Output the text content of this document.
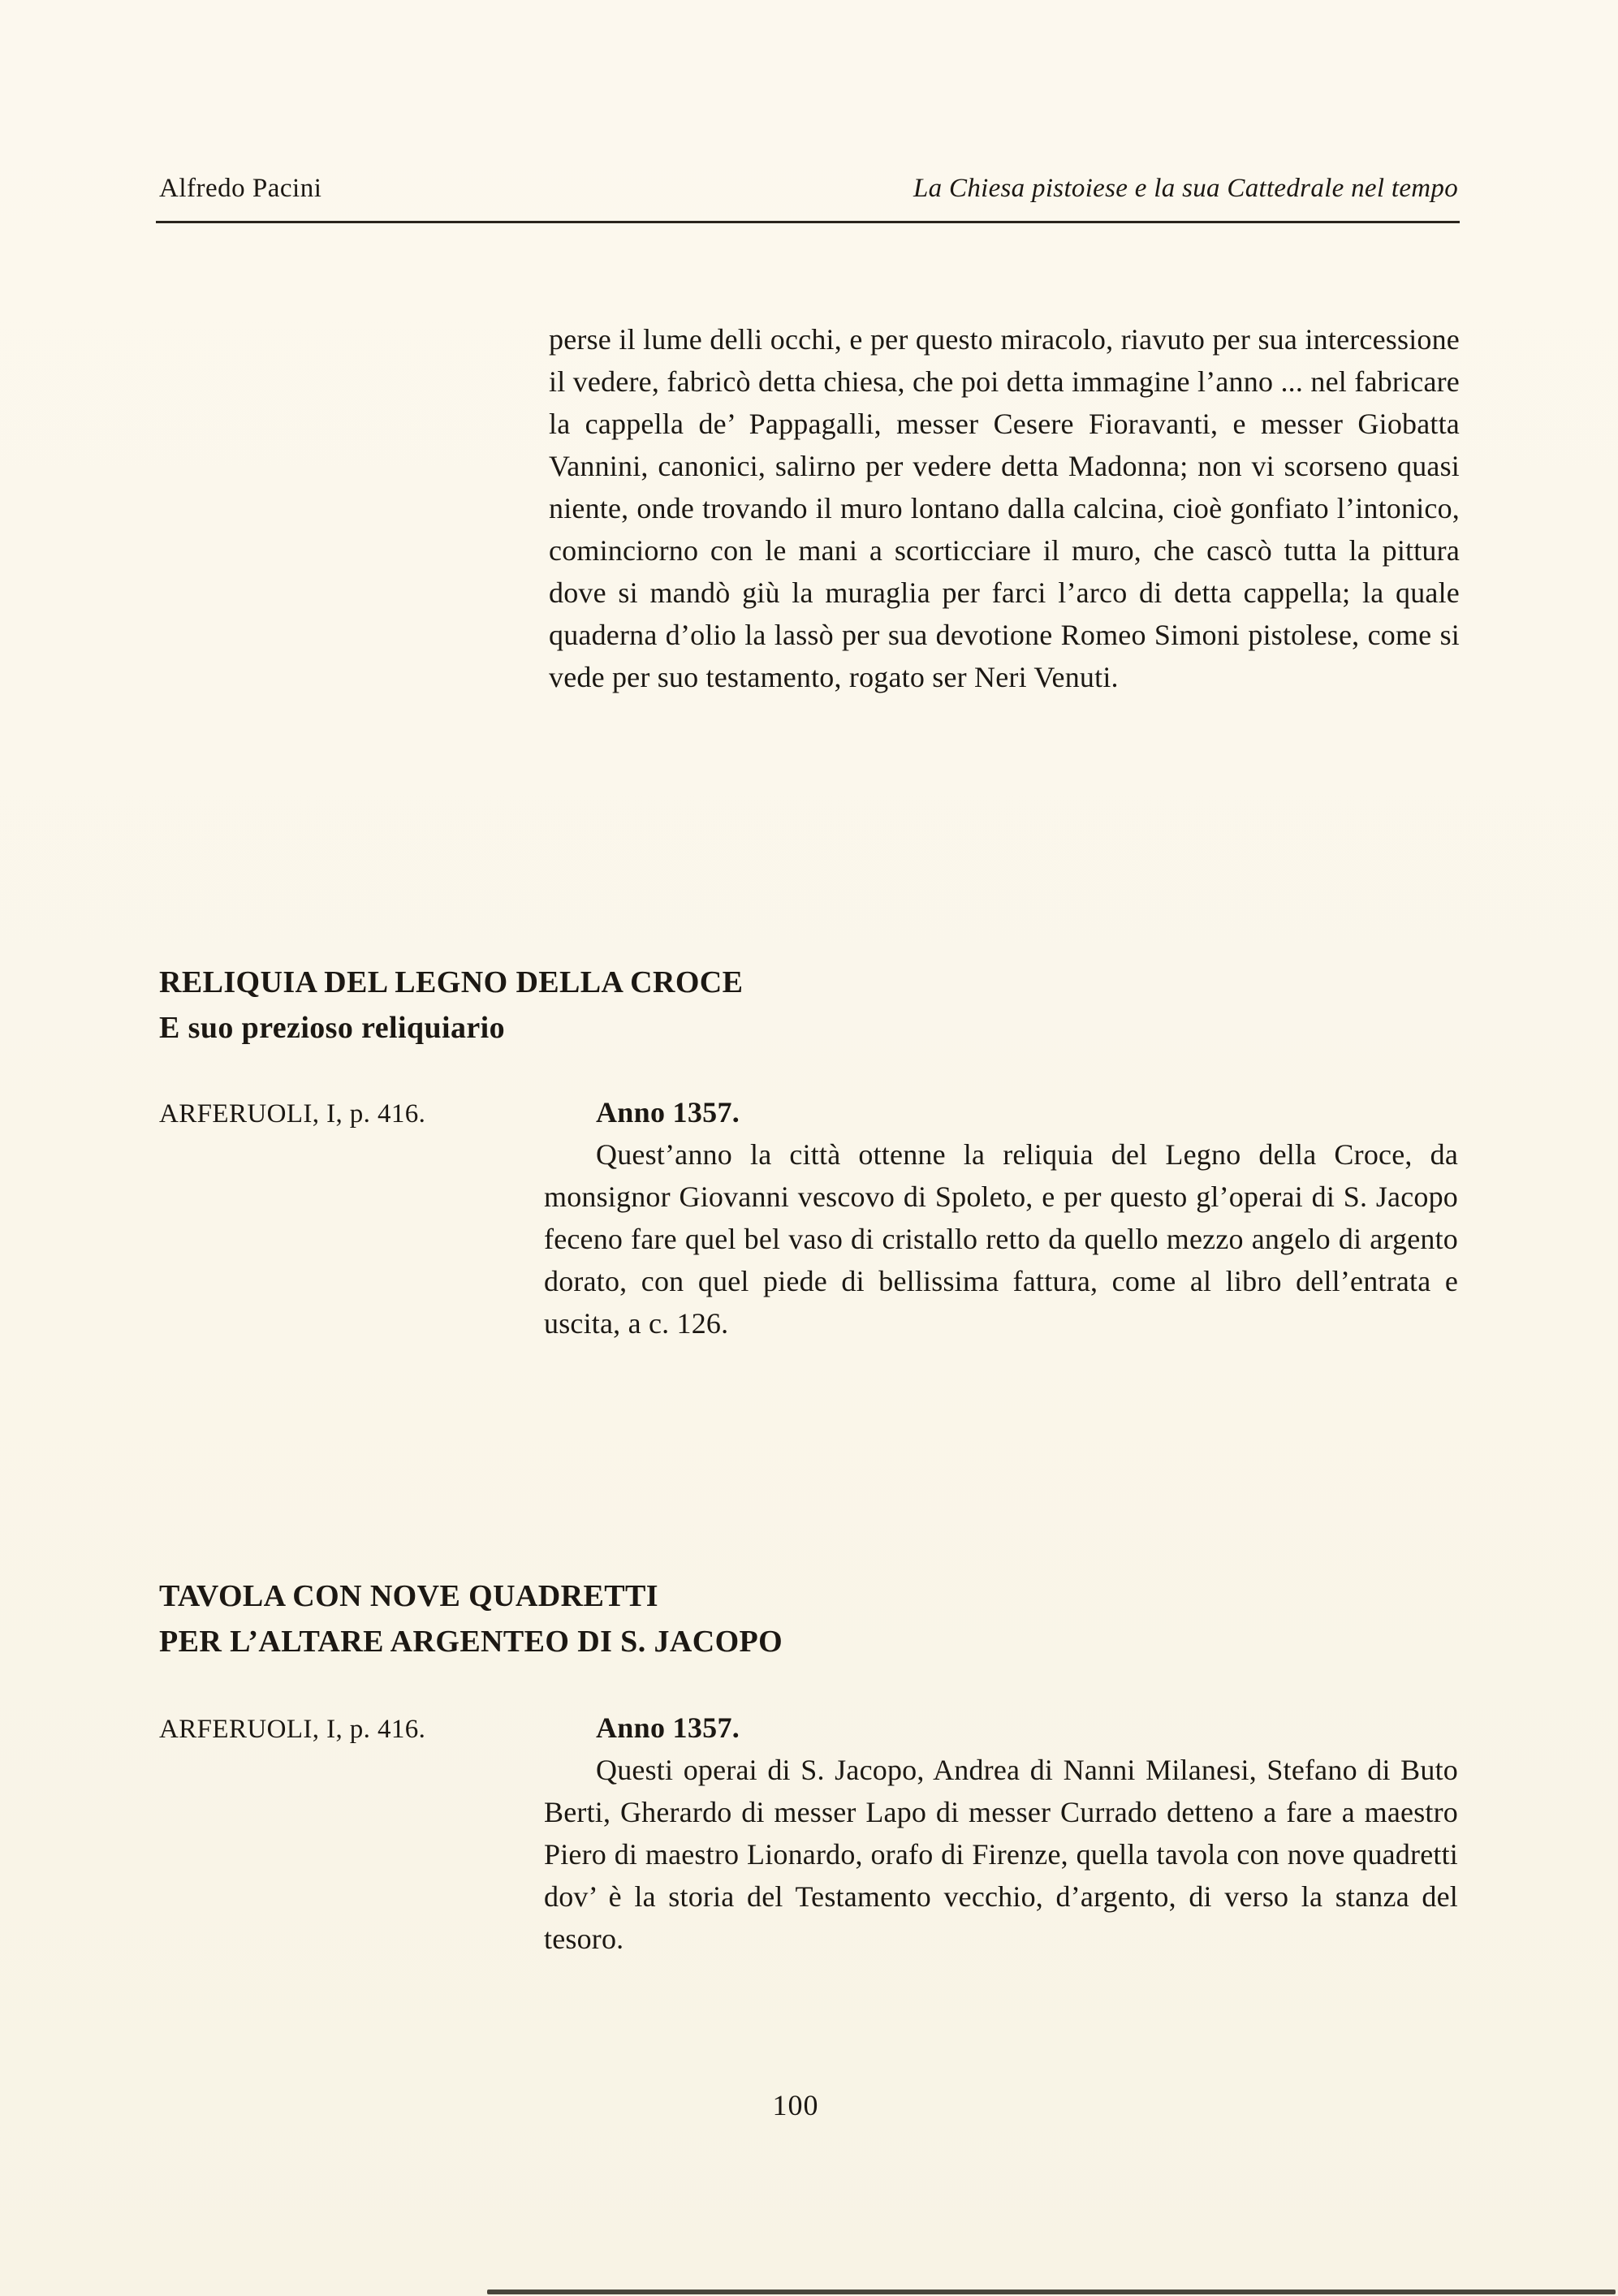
Alfredo Pacini	La Chiesa pistoiese e la sua Cattedrale nel tempo
perse il lume delli occhi, e per questo miracolo, riavuto per sua intercessione il vedere, fabricò detta chiesa, che poi detta immagine l’anno ... nel fabricare la cappella de’ Pappagalli, messer Cesere Fioravanti, e messer Giobatta Vannini, canonici, salirno per vedere detta Madonna; non vi scorseno quasi niente, onde trovando il muro lontano dalla calcina, cioè gonfiato l’intonico, cominciorno con le mani a scorticciare il muro, che cascò tutta la pittura dove si mandò giù la muraglia per farci l’arco di detta cappella; la quale quaderna d’olio la lassò per sua devotione Romeo Simoni pistolese, come si vede per suo testamento, rogato ser Neri Venuti.
RELIQUIA DEL LEGNO DELLA CROCE
E suo prezioso reliquiario
ARFERUOLI, I, p. 416.	Anno 1357.
Quest’anno la città ottenne la reliquia del Legno della Croce, da monsignor Giovanni vescovo di Spoleto, e per questo gl’operai di S. Jacopo feceno fare quel bel vaso di cristallo retto da quello mezzo angelo di argento dorato, con quel piede di bellissima fattura, come al libro dell’entrata e uscita, a c. 126.
TAVOLA CON NOVE QUADRETTI
PER L’ALTARE ARGENTEO DI S. JACOPO
ARFERUOLI, I, p. 416.	Anno 1357.
Questi operai di S. Jacopo, Andrea di Nanni Milanesi, Stefano di Buto Berti, Gherardo di messer Lapo di messer Currado detteno a fare a maestro Piero di maestro Lionardo, orafo di Firenze, quella tavola con nove quadretti dov’ è la storia del Testamento vecchio, d’argento, di verso la stanza del tesoro.
100
